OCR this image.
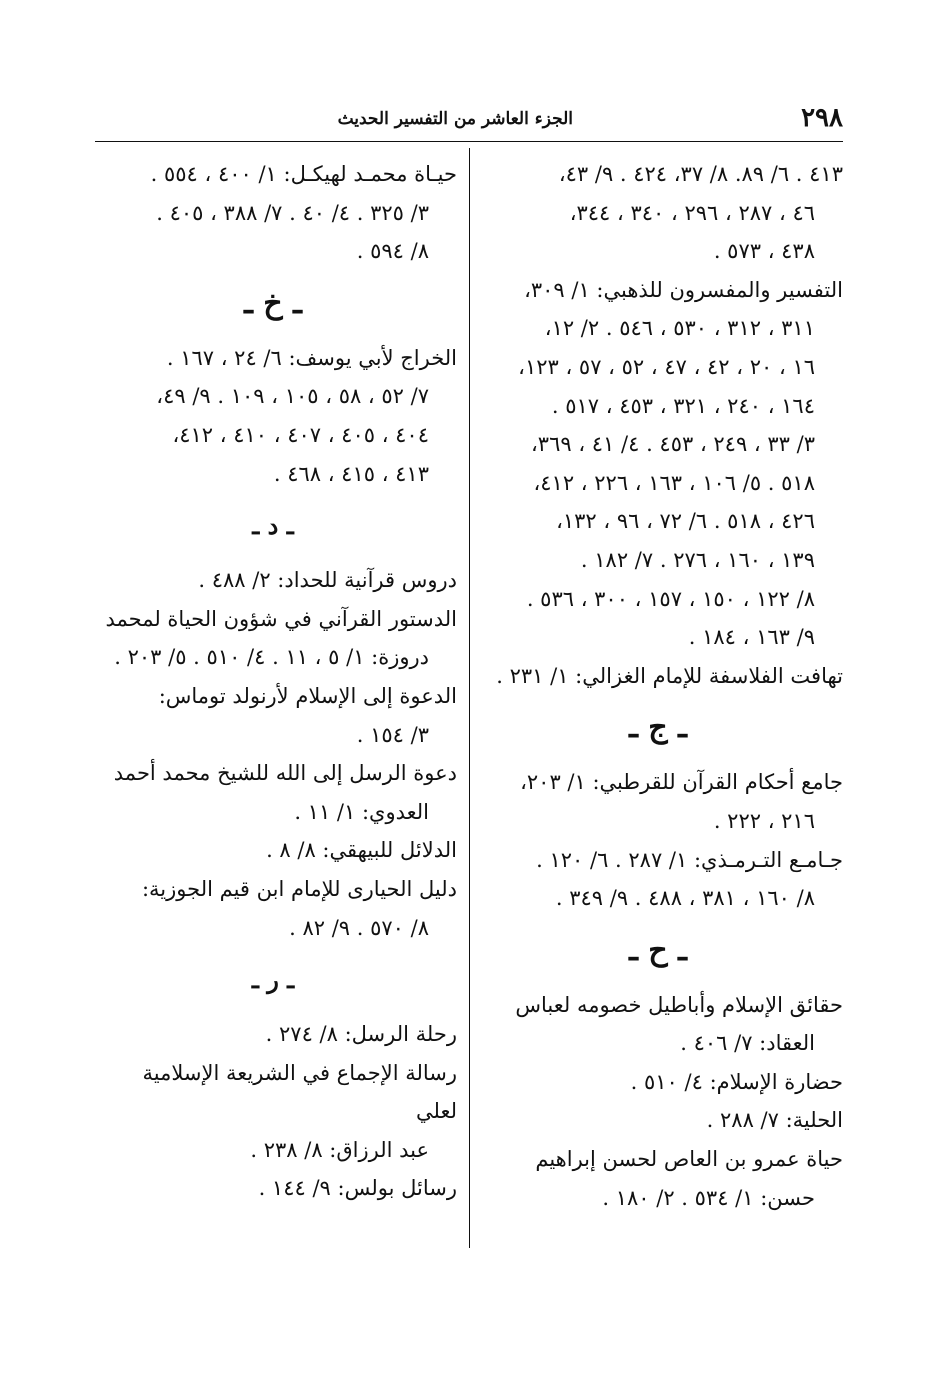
٢٩٨
الجزء العاشر من التفسير الحديث
٤١٣ . ٦/ ٨٩. ٨/ ٣٧، ٤٢٤ . ٩/ ٤٣،
٤٦ ، ٢٨٧ ، ٢٩٦ ، ٣٤٠ ، ٣٤٤،
٤٣٨ ، ٥٧٣ .
التفسير والمفسرون للذهبي: ١/ ٣٠٩،
٣١١ ، ٣١٢ ، ٥٣٠ ، ٥٤٦ . ٢/ ١٢،
١٦ ، ٢٠ ، ٤٢ ، ٤٧ ، ٥٢ ، ٥٧ ، ١٢٣،
١٦٤ ، ٢٤٠ ، ٣٢١ ، ٤٥٣ ، ٥١٧ .
٣/ ٣٣ ، ٢٤٩ ، ٤٥٣ . ٤/ ٤١ ، ٣٦٩،
٥١٨ . ٥/ ١٠٦ ، ١٦٣ ، ٢٢٦ ، ٤١٢،
٤٢٦ ، ٥١٨ . ٦/ ٧٢ ، ٩٦ ، ١٣٢،
١٣٩ ، ١٦٠ ، ٢٧٦ . ٧/ ١٨٢ .
٨/ ١٢٢ ، ١٥٠ ، ١٥٧ ، ٣٠٠ ، ٥٣٦ .
٩/ ١٦٣ ، ١٨٤ .
تهافت الفلاسفة للإمام الغزالي: ١/ ٢٣١ .
ـ ج ـ
جامع أحكام القرآن للقرطبي: ١/ ٢٠٣،
٢١٦ ، ٢٢٢ .
جـامـع التـرمـذي: ١/ ٢٨٧ . ٦/ ١٢٠ .
٨/ ١٦٠ ، ٣٨١ ، ٤٨٨ . ٩/ ٣٤٩ .
ـ ح ـ
حقائق الإسلام وأباطيل خصومه لعباس
العقاد: ٧/ ٤٠٦ .
حضارة الإسلام: ٤/ ٥١٠ .
الحلية: ٧/ ٢٨٨ .
حياة عمرو بن العاص لحسن إبراهيم
حسن: ١/ ٥٣٤ . ٢/ ١٨٠ .
حيـاة محمـد لهيكـل: ١/ ٤٠٠ ، ٥٥٤ .
٣/ ٣٢٥ . ٤/ ٤٠ . ٧/ ٣٨٨ ، ٤٠٥ .
٨/ ٥٩٤ .
ـ خ ـ
الخراج لأبي يوسف: ٦/ ٢٤ ، ١٦٧ .
٧/ ٥٢ ، ٥٨ ، ١٠٥ ، ١٠٩ . ٩/ ٤٩،
٤٠٤ ، ٤٠٥ ، ٤٠٧ ، ٤١٠ ، ٤١٢،
٤١٣ ، ٤١٥ ، ٤٦٨ .
ـ د ـ
دروس قرآنية للحداد: ٢/ ٤٨٨ .
الدستور القرآني في شؤون الحياة لمحمد
دروزة: ١/ ٥ ، ١١ . ٤/ ٥١٠ . ٥/ ٢٠٣ .
الدعوة إلى الإسلام لأرنولد توماس:
٣/ ١٥٤ .
دعوة الرسل إلى الله للشيخ محمد أحمد
العدوي: ١/ ١١ .
الدلائل للبيهقي: ٨/ ٨ .
دليل الحيارى للإمام ابن قيم الجوزية:
٨/ ٥٧٠ . ٩/ ٨٢ .
ـ ر ـ
رحلة الرسل: ٨/ ٢٧٤ .
رسالة الإجماع في الشريعة الإسلامية لعلي
عبد الرزاق: ٨/ ٢٣٨ .
رسائل بولس: ٩/ ١٤٤ .
